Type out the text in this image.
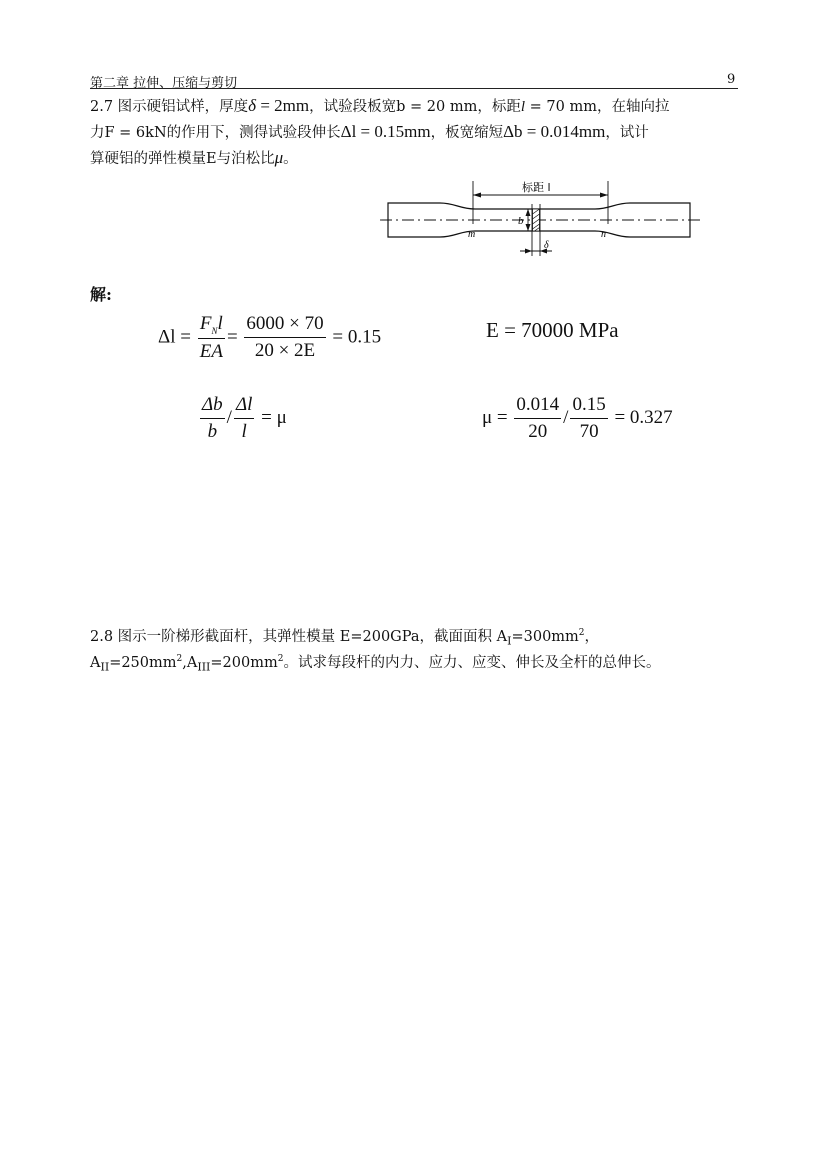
第二章 拉伸、压缩与剪切	9
2.7 图示硬铝试样，厚度δ = 2mm，试验段板宽b = 20 mm，标距l = 70 mm，在轴向拉
力F = 6kN的作用下，测得试验段伸长Δl = 0.15mm，板宽缩短Δb = 0.014mm，试计
算硬铝的弹性模量E与泊松比μ。
标距 l
b
m	n
δ
解:
$\Delta l = \frac{F_Nl}{EA} = \frac{6000 \times 70}{20 \times 2E} = 0.15$	E = 70000 MPa
$\frac{\Delta b}{b} / \frac{\Delta l}{l} = \mu$	$\mu = \frac{0.014}{20} / \frac{0.15}{70} = 0.327$
2.8 图示一阶梯形截面杆，其弹性模量 E=200GPa，截面面积 $A_I=300mm^2$，
$A_{II}=250mm^2,A_{III}=200mm^2$。试求每段杆的内力、应力、应变、伸长及全杆的总伸长。
